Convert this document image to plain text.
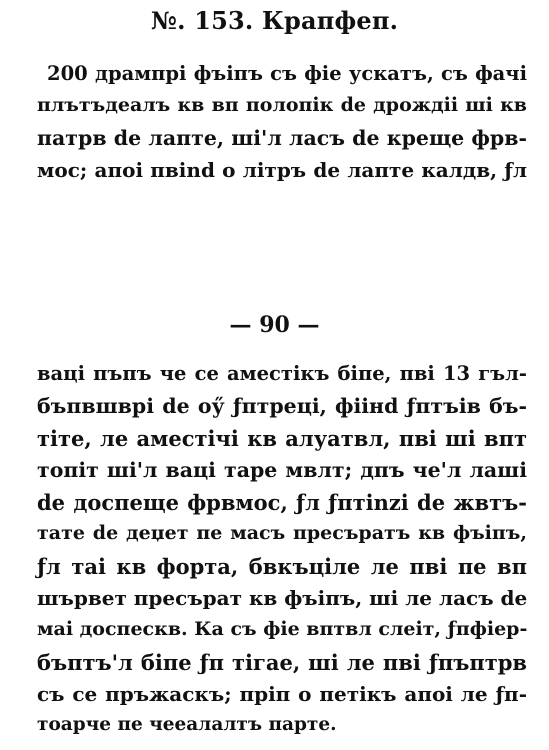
№. 153. Крапфеп.
200 дрампрі фъіпъ съ фіе ускатъ, съ фачі
плътъдеалъ кв вп полопік de дрождіі ші кв
патрв de лапте, ші'л ласъ de креще фрв-
мос; апоі пвіnd о літръ de лапте калдв, ƒл
— 90 —
ваці пъпъ че се аместікъ біпе, пві 13 гъл-
бъпвшврі de oӳ ƒптреці, фіінd ƒптъів бъ-
тіте, ле аместічі кв алуатвл, пві ші впт
топіт ші'л ваці таре мвлт; дпъ че'л лаші
de доспеще фрвмос, ƒл ƒптіnzі de жвтъ-
тате de деџет пе масъ пресъратъ кв фъіпъ,
ƒл таі кв форта, бвкъціле ле пві пе вп
шървет пресърат кв фъіпъ, ші ле ласъ de
маі доспескв. Ка съ фіе вптвл слеіт, ƒпфіер-
бъптъ'л біпе ƒп тігае, ші ле пві ƒпъптрв
съ се пръжаскъ; пріп о петікъ апоі ле ƒп-
тоарче пе чееалалтъ парте.
